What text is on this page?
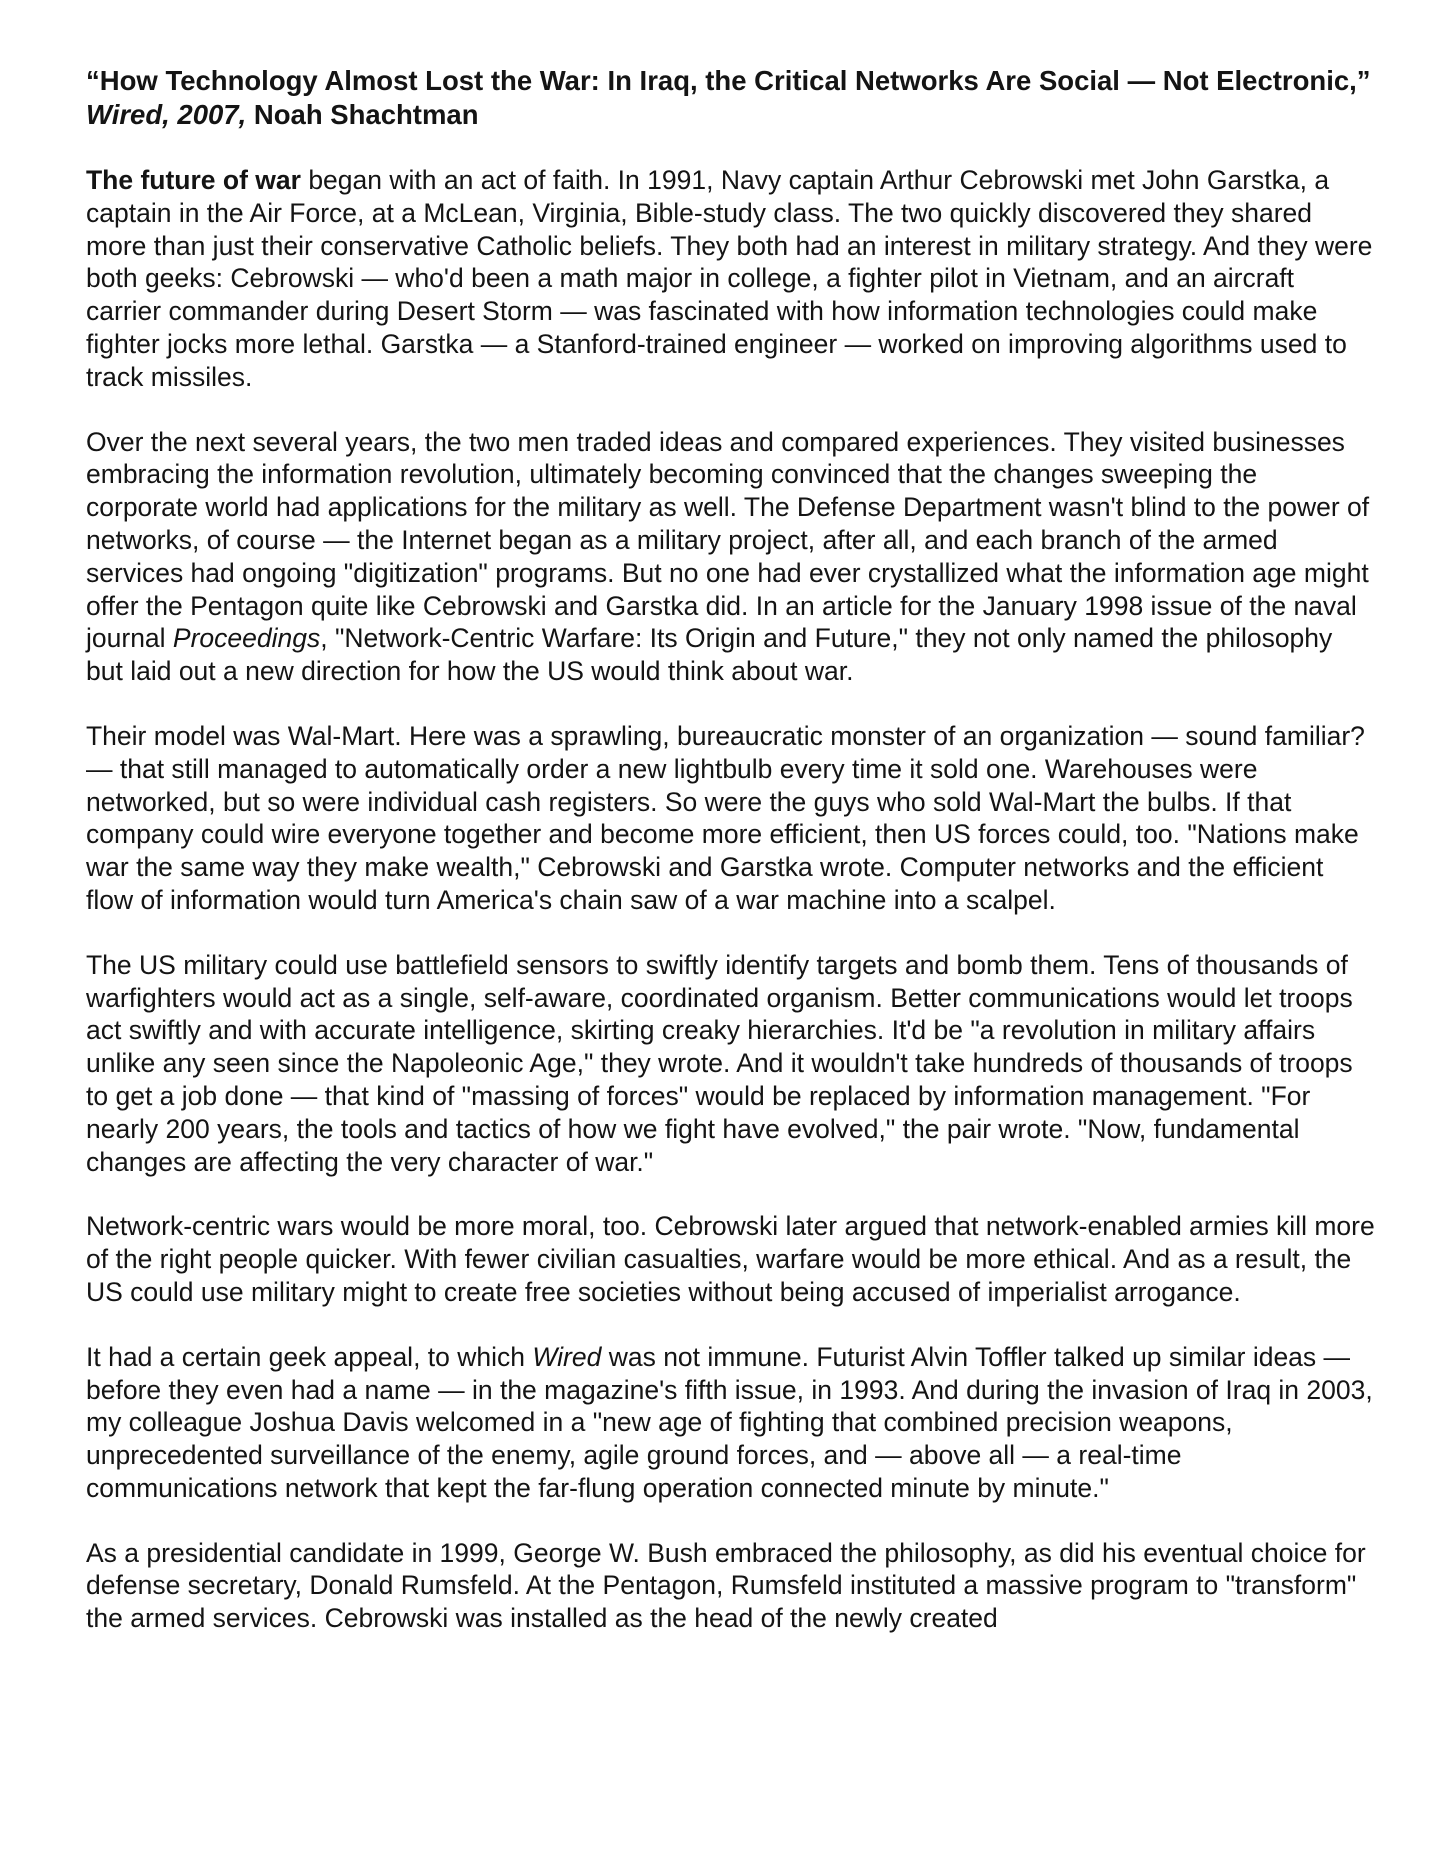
“How Technology Almost Lost the War: In Iraq, the Critical Networks Are Social — Not Electronic,” Wired, 2007, Noah Shachtman
The future of war began with an act of faith. In 1991, Navy captain Arthur Cebrowski met John Garstka, a captain in the Air Force, at a McLean, Virginia, Bible-study class. The two quickly discovered they shared more than just their conservative Catholic beliefs. They both had an interest in military strategy. And they were both geeks: Cebrowski — who'd been a math major in college, a fighter pilot in Vietnam, and an aircraft carrier commander during Desert Storm — was fascinated with how information technologies could make fighter jocks more lethal. Garstka — a Stanford-trained engineer — worked on improving algorithms used to track missiles.
Over the next several years, the two men traded ideas and compared experiences. They visited businesses embracing the information revolution, ultimately becoming convinced that the changes sweeping the corporate world had applications for the military as well. The Defense Department wasn't blind to the power of networks, of course — the Internet began as a military project, after all, and each branch of the armed services had ongoing "digitization" programs. But no one had ever crystallized what the information age might offer the Pentagon quite like Cebrowski and Garstka did. In an article for the January 1998 issue of the naval journal Proceedings, "Network-Centric Warfare: Its Origin and Future," they not only named the philosophy but laid out a new direction for how the US would think about war.
Their model was Wal-Mart. Here was a sprawling, bureaucratic monster of an organization — sound familiar? — that still managed to automatically order a new lightbulb every time it sold one. Warehouses were networked, but so were individual cash registers. So were the guys who sold Wal-Mart the bulbs. If that company could wire everyone together and become more efficient, then US forces could, too. "Nations make war the same way they make wealth," Cebrowski and Garstka wrote. Computer networks and the efficient flow of information would turn America's chain saw of a war machine into a scalpel.
The US military could use battlefield sensors to swiftly identify targets and bomb them. Tens of thousands of warfighters would act as a single, self-aware, coordinated organism. Better communications would let troops act swiftly and with accurate intelligence, skirting creaky hierarchies. It'd be "a revolution in military affairs unlike any seen since the Napoleonic Age," they wrote. And it wouldn't take hundreds of thousands of troops to get a job done — that kind of "massing of forces" would be replaced by information management. "For nearly 200 years, the tools and tactics of how we fight have evolved," the pair wrote. "Now, fundamental changes are affecting the very character of war."
Network-centric wars would be more moral, too. Cebrowski later argued that network-enabled armies kill more of the right people quicker. With fewer civilian casualties, warfare would be more ethical. And as a result, the US could use military might to create free societies without being accused of imperialist arrogance.
It had a certain geek appeal, to which Wired was not immune. Futurist Alvin Toffler talked up similar ideas — before they even had a name — in the magazine's fifth issue, in 1993. And during the invasion of Iraq in 2003, my colleague Joshua Davis welcomed in a "new age of fighting that combined precision weapons, unprecedented surveillance of the enemy, agile ground forces, and — above all — a real-time communications network that kept the far-flung operation connected minute by minute."
As a presidential candidate in 1999, George W. Bush embraced the philosophy, as did his eventual choice for defense secretary, Donald Rumsfeld. At the Pentagon, Rumsfeld instituted a massive program to "transform" the armed services. Cebrowski was installed as the head of the newly created
